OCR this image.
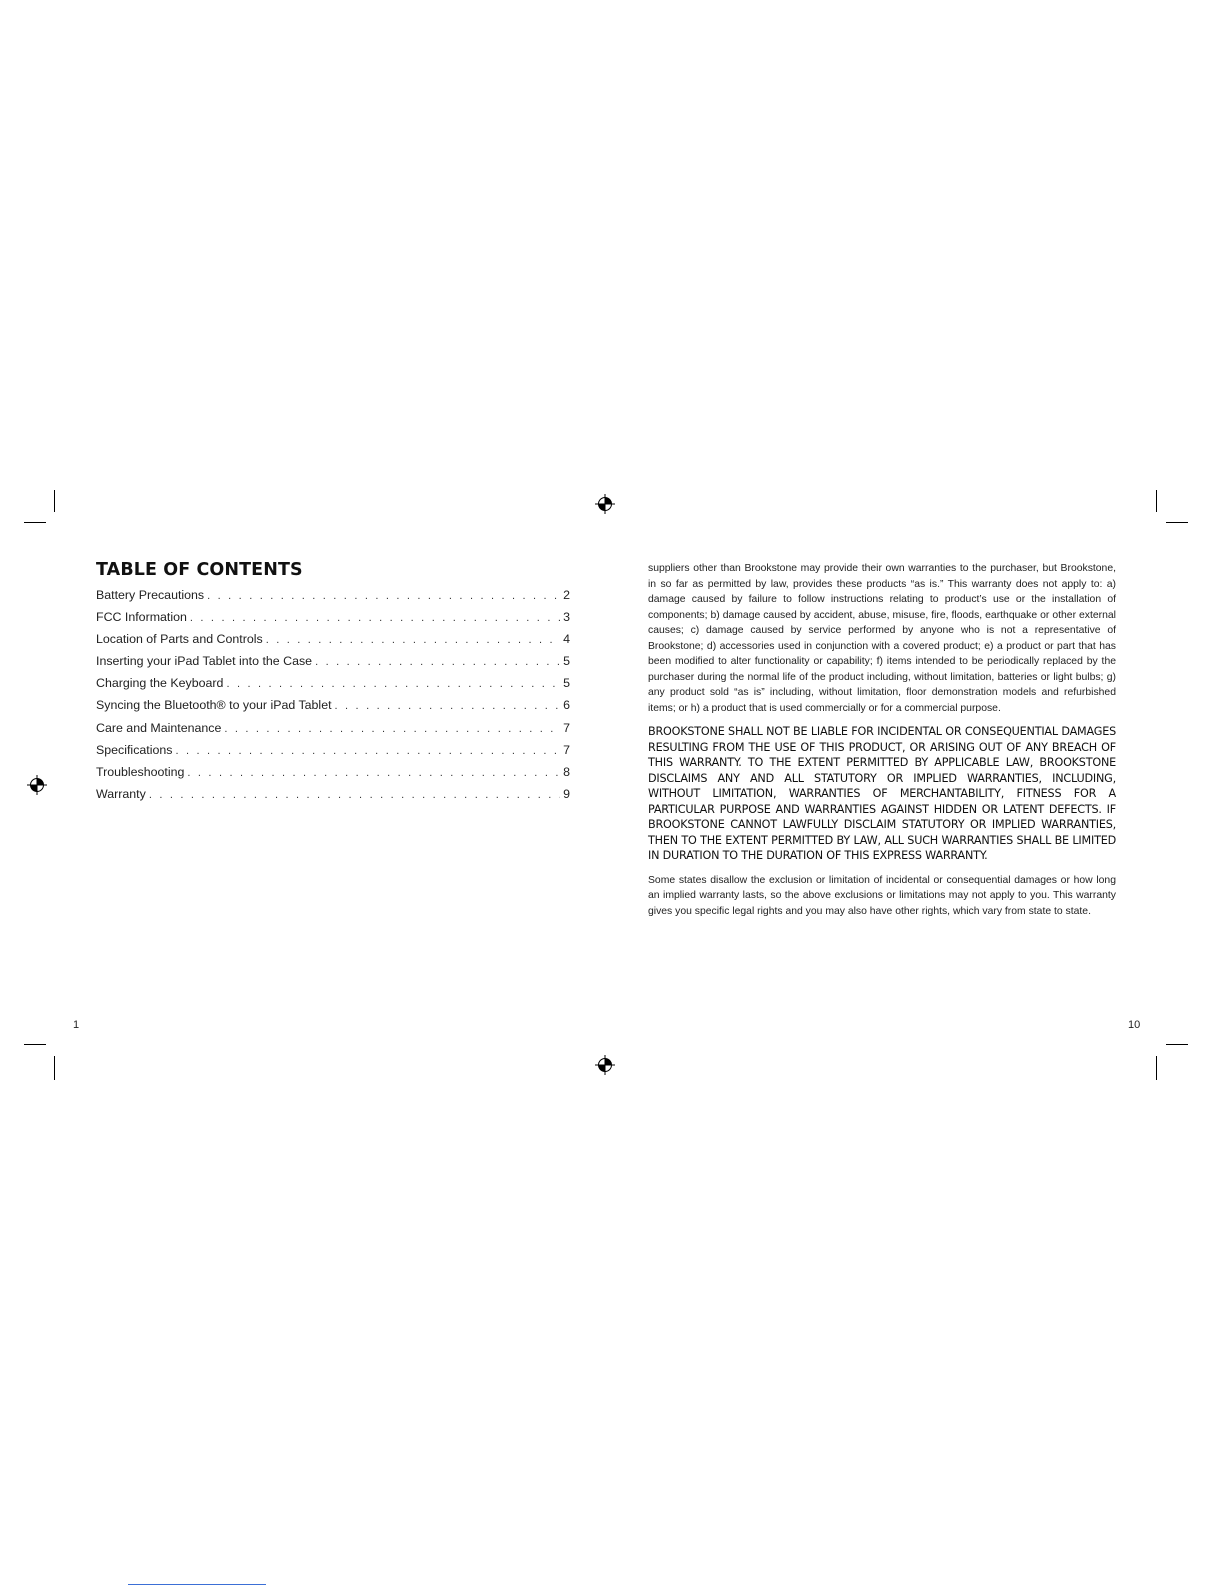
TABLE OF CONTENTS
Battery Precautions . . .	2
FCC Information . . .	3
Location of Parts and Controls . . .	4
Inserting your iPad Tablet into the Case . . .	5
Charging the Keyboard . . .	5
Syncing the Bluetooth® to your iPad Tablet . . .	6
Care and Maintenance . . .	7
Specifications . . .	7
Troubleshooting . . .	8
Warranty . . .	9

suppliers other than Brookstone may provide their own warranties to the purchaser, but Brookstone, in so far as permitted by law, provides these products “as is.” This warranty does not apply to: a) damage caused by failure to follow instructions relating to product’s use or the installation of components; b) damage caused by accident, abuse, misuse, fire, floods, earthquake or other external causes; c) damage caused by service performed by anyone who is not a representative of Brookstone; d) accessories used in conjunction with a covered product; e) a product or part that has been modified to alter functionality or capability; f) items intended to be periodically replaced by the purchaser during the normal life of the product including, without limitation, batteries or light bulbs; g) any product sold “as is” including, without limitation, floor demonstration models and refurbished items; or h) a product that is used commercially or for a commercial purpose.

BROOKSTONE SHALL NOT BE LIABLE FOR INCIDENTAL OR CONSEQUENTIAL DAMAGES RESULTING FROM THE USE OF THIS PRODUCT, OR ARISING OUT OF ANY BREACH OF THIS WARRANTY. TO THE EXTENT PERMITTED BY APPLICABLE LAW, BROOKSTONE DISCLAIMS ANY AND ALL STATUTORY OR IMPLIED WARRANTIES, INCLUDING, WITHOUT LIMITATION, WARRANTIES OF MERCHANTABILITY, FITNESS FOR A PARTICULAR PURPOSE AND WARRANTIES AGAINST HIDDEN OR LATENT DEFECTS. IF BROOKSTONE CANNOT LAWFULLY DISCLAIM STATUTORY OR IMPLIED WARRANTIES, THEN TO THE EXTENT PERMITTED BY LAW, ALL SUCH WARRANTIES SHALL BE LIMITED IN DURATION TO THE DURATION OF THIS EXPRESS WARRANTY.

Some states disallow the exclusion or limitation of incidental or consequential damages or how long an implied warranty lasts, so the above exclusions or limitations may not apply to you. This warranty gives you specific legal rights and you may also have other rights, which vary from state to state.

1	10
